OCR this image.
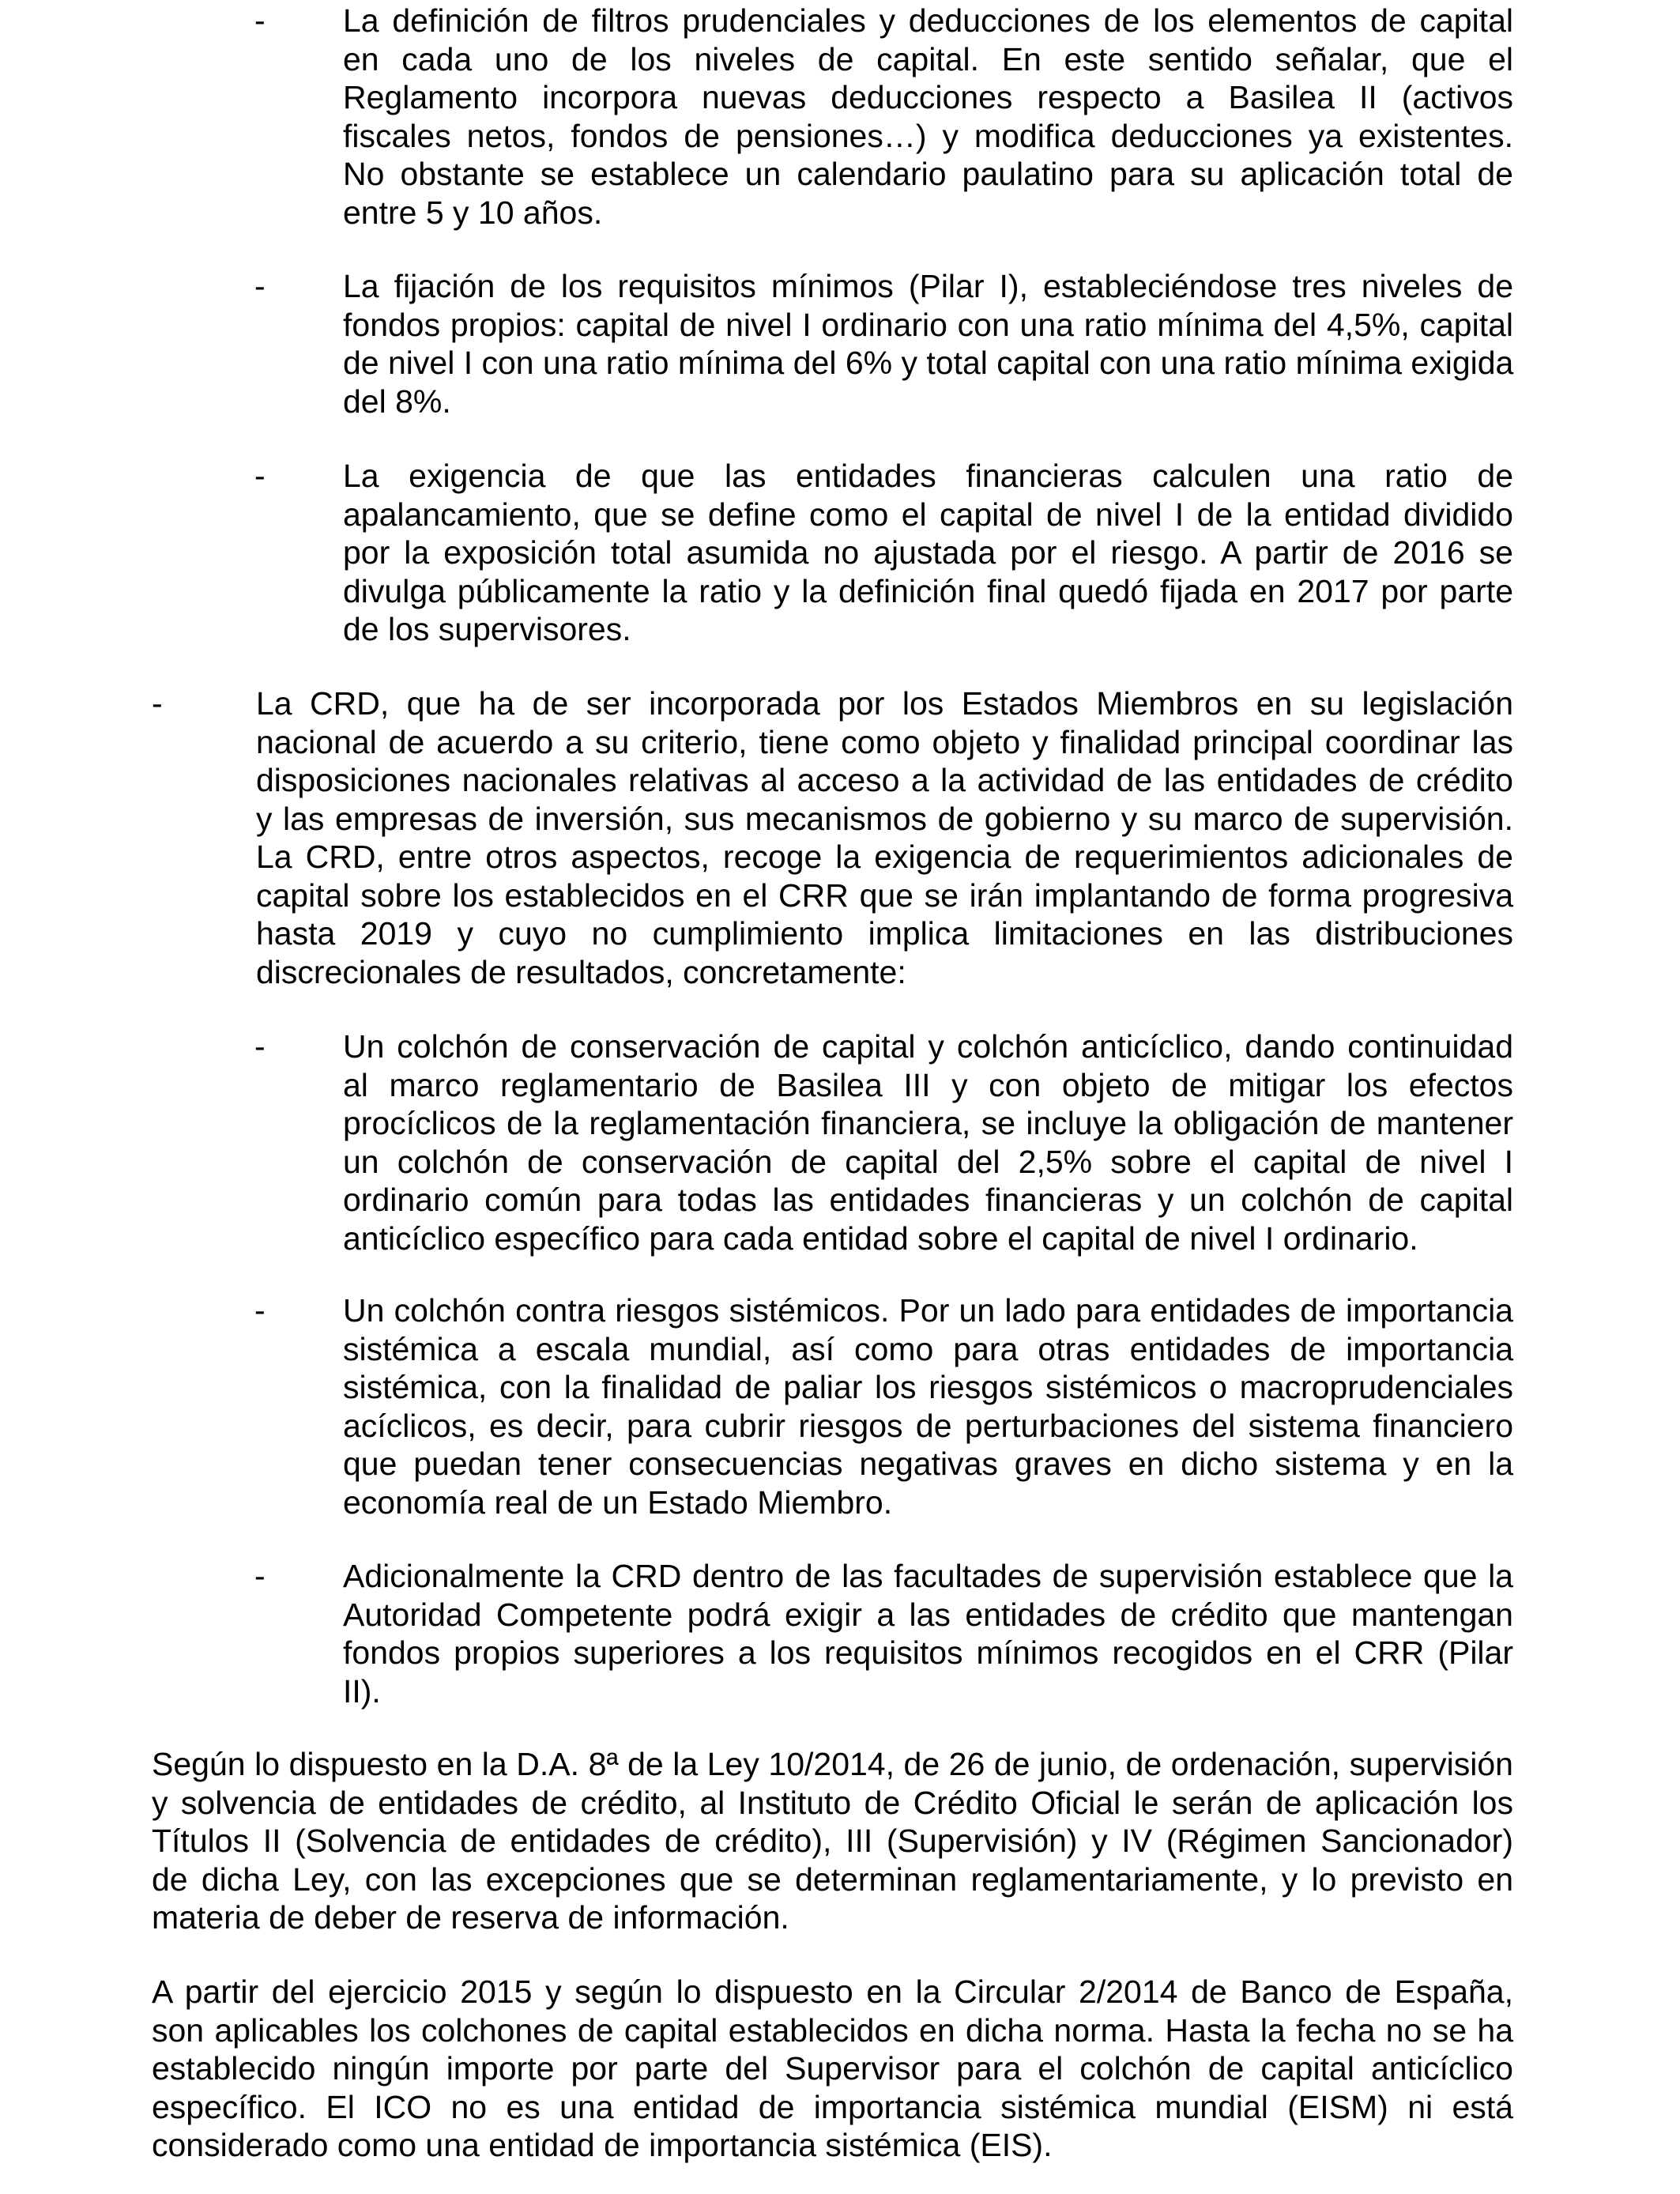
- La definición de filtros prudenciales y deducciones de los elementos de capital
en cada uno de los niveles de capital. En este sentido señalar, que el
Reglamento incorpora nuevas deducciones respecto a Basilea II (activos
fiscales netos, fondos de pensiones…) y modifica deducciones ya existentes.
No obstante se establece un calendario paulatino para su aplicación total de
entre 5 y 10 años.
- La fijación de los requisitos mínimos (Pilar I), estableciéndose tres niveles de
fondos propios: capital de nivel I ordinario con una ratio mínima del 4,5%, capital
de nivel I con una ratio mínima del 6% y total capital con una ratio mínima exigida
del 8%.
- La exigencia de que las entidades financieras calculen una ratio de
apalancamiento, que se define como el capital de nivel I de la entidad dividido
por la exposición total asumida no ajustada por el riesgo. A partir de 2016 se
divulga públicamente la ratio y la definición final quedó fijada en 2017 por parte
de los supervisores.
-	La CRD, que ha de ser incorporada por los Estados Miembros en su legislación
nacional de acuerdo a su criterio, tiene como objeto y finalidad principal coordinar las
disposiciones nacionales relativas al acceso a la actividad de las entidades de crédito
y las empresas de inversión, sus mecanismos de gobierno y su marco de supervisión.
La CRD, entre otros aspectos, recoge la exigencia de requerimientos adicionales de
capital sobre los establecidos en el CRR que se irán implantando de forma progresiva
hasta 2019 y cuyo no cumplimiento implica limitaciones en las distribuciones
discrecionales de resultados, concretamente:
- Un colchón de conservación de capital y colchón anticíclico, dando continuidad
al marco reglamentario de Basilea III y con objeto de mitigar los efectos
procíclicos de la reglamentación financiera, se incluye la obligación de mantener
un colchón de conservación de capital del 2,5% sobre el capital de nivel I
ordinario común para todas las entidades financieras y un colchón de capital
anticíclico específico para cada entidad sobre el capital de nivel I ordinario.
- Un colchón contra riesgos sistémicos. Por un lado para entidades de importancia
sistémica a escala mundial, así como para otras entidades de importancia
sistémica, con la finalidad de paliar los riesgos sistémicos o macroprudenciales
acíclicos, es decir, para cubrir riesgos de perturbaciones del sistema financiero
que puedan tener consecuencias negativas graves en dicho sistema y en la
economía real de un Estado Miembro.
- Adicionalmente la CRD dentro de las facultades de supervisión establece que la
Autoridad Competente podrá exigir a las entidades de crédito que mantengan
fondos propios superiores a los requisitos mínimos recogidos en el CRR (Pilar
II).
Según lo dispuesto en la D.A. 8ª de la Ley 10/2014, de 26 de junio, de ordenación, supervisión
y solvencia de entidades de crédito, al Instituto de Crédito Oficial le serán de aplicación los
Títulos II (Solvencia de entidades de crédito), III (Supervisión) y IV (Régimen Sancionador)
de dicha Ley, con las excepciones que se determinan reglamentariamente, y lo previsto en
materia de deber de reserva de información.
A partir del ejercicio 2015 y según lo dispuesto en la Circular 2/2014 de Banco de España,
son aplicables los colchones de capital establecidos en dicha norma. Hasta la fecha no se ha
establecido ningún importe por parte del Supervisor para el colchón de capital anticíclico
específico. El ICO no es una entidad de importancia sistémica mundial (EISM) ni está
considerado como una entidad de importancia sistémica (EIS).
